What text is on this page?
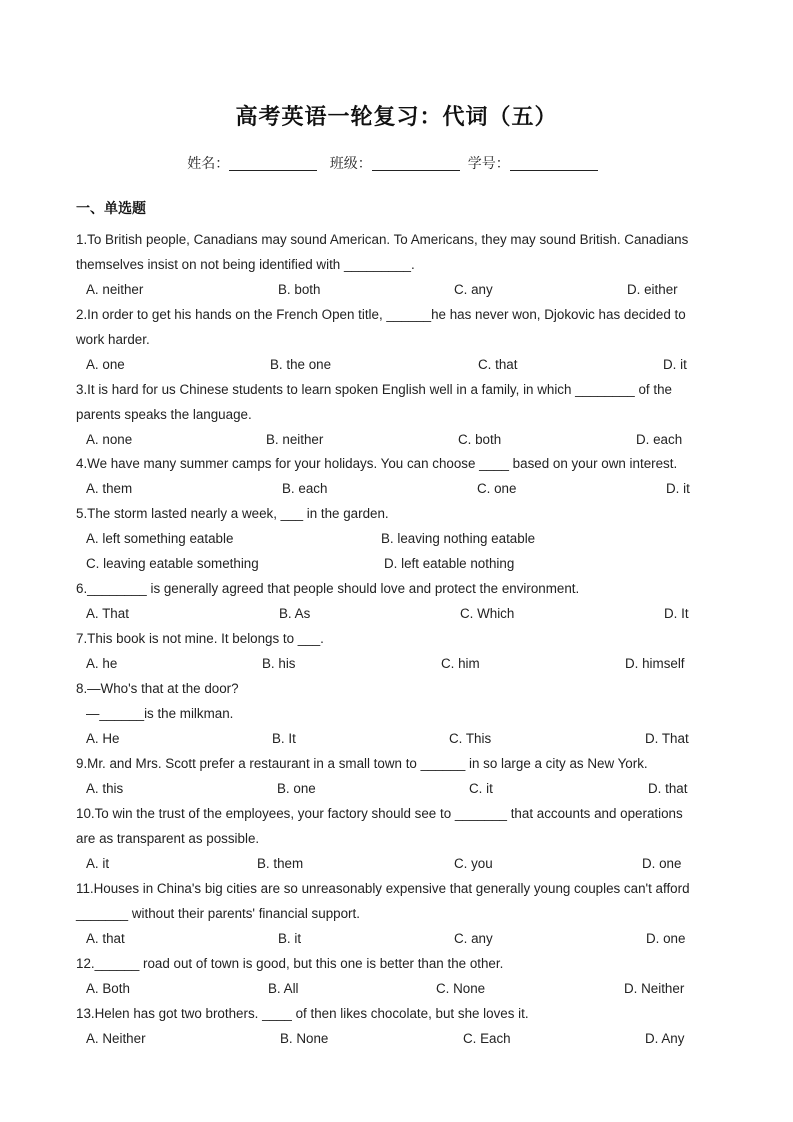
高考英语一轮复习：代词（五）
姓名：	班级：	学号：
一、单选题
1.To British people, Canadians may sound American. To Americans, they may sound British. Canadians
themselves insist on not being identified with _________.
A. neither	B. both	C. any	D. either
2.In order to get his hands on the French Open title, ______he has never won, Djokovic has decided to
work harder.
A. one	B. the one	C. that	D. it
3.It is hard for us Chinese students to learn spoken English well in a family, in which ________ of the
parents speaks the language.
A. none	B. neither	C. both	D. each
4.We have many summer camps for your holidays. You can choose ____ based on your own interest.
A. them	B. each	C. one	D. it
5.The storm lasted nearly a week, ___ in the garden.
A. left something eatable	B. leaving nothing eatable
C. leaving eatable something	D. left eatable nothing
6.________ is generally agreed that people should love and protect the environment.
A. That	B. As	C. Which	D. It
7.This book is not mine. It belongs to ___.
A. he	B. his	C. him	D. himself
8.—Who's that at the door?
—______is the milkman.
A. He	B. It	C. This	D. That
9.Mr. and Mrs. Scott prefer a restaurant in a small town to ______ in so large a city as New York.
A. this	B. one	C. it	D. that
10.To win the trust of the employees, your factory should see to _______ that accounts and operations
are as transparent as possible.
A. it	B. them	C. you	D. one
11.Houses in China's big cities are so unreasonably expensive that generally young couples can't afford
_______ without their parents' financial support.
A. that	B. it	C. any	D. one
12.______ road out of town is good, but this one is better than the other.
A. Both	B. All	C. None	D. Neither
13.Helen has got two brothers. ____ of then likes chocolate, but she loves it.
A. Neither	B. None	C. Each	D. Any
